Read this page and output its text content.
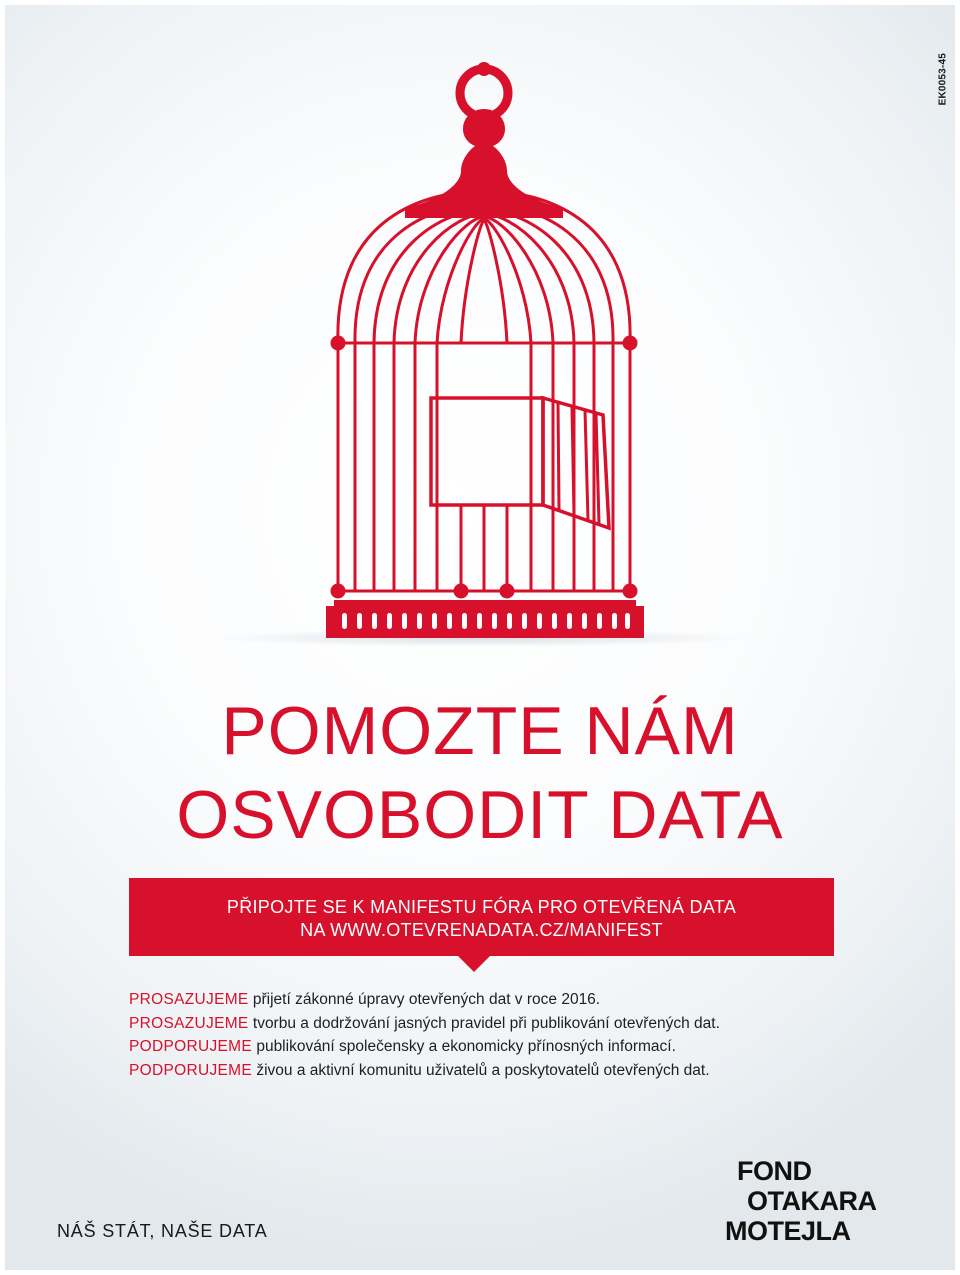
EK0053-45
POMOZTE NÁM
OSVOBODIT DATA
PŘIPOJTE SE K MANIFESTU FÓRA PRO OTEVŘENÁ DATA
NA WWW.OTEVRENADATA.CZ/MANIFEST
PROSAZUJEME přijetí zákonné úpravy otevřených dat v roce 2016.
PROSAZUJEME tvorbu a dodržování jasných pravidel při publikování otevřených dat.
PODPORUJEME publikování společensky a ekonomicky přínosných informací.
PODPORUJEME živou a aktivní komunitu uživatelů a poskytovatelů otevřených dat.
NÁŠ STÁT, NAŠE DATA
FOND
OTAKARA
MOTEJLA
